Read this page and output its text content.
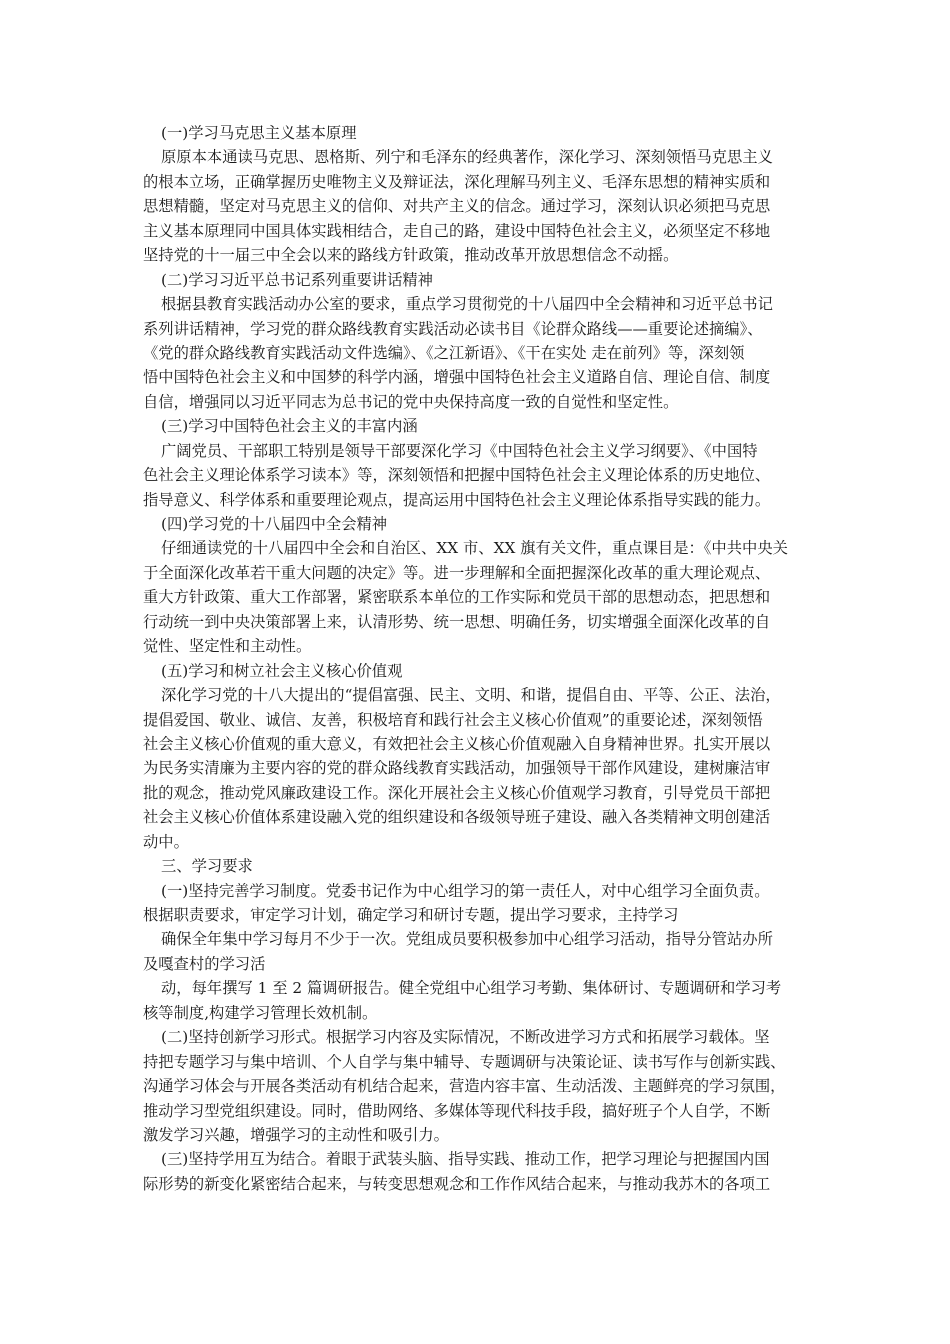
(一)学习马克思主义基本原理
原原本本通读马克思、恩格斯、列宁和毛泽东的经典著作，深化学习、深刻领悟马克思主义
的根本立场，正确掌握历史唯物主义及辩证法，深化理解马列主义、毛泽东思想的精神实质和
思想精髓，坚定对马克思主义的信仰、对共产主义的信念。通过学习，深刻认识必须把马克思
主义基本原理同中国具体实践相结合，走自己的路，建设中国特色社会主义，必须坚定不移地
坚持党的十一届三中全会以来的路线方针政策，推动改革开放思想信念不动摇。
(二)学习习近平总书记系列重要讲话精神
根据县教育实践活动办公室的要求，重点学习贯彻党的十八届四中全会精神和习近平总书记
系列讲话精神，学习党的群众路线教育实践活动必读书目《论群众路线——重要论述摘编》、
《党的群众路线教育实践活动文件选编》、《之江新语》、《干在实处 走在前列》等，深刻领
悟中国特色社会主义和中国梦的科学内涵，增强中国特色社会主义道路自信、理论自信、制度
自信，增强同以习近平同志为总书记的党中央保持高度一致的自觉性和坚定性。
(三)学习中国特色社会主义的丰富内涵
广阔党员、干部职工特别是领导干部要深化学习《中国特色社会主义学习纲要》、《中国特
色社会主义理论体系学习读本》等，深刻领悟和把握中国特色社会主义理论体系的历史地位、
指导意义、科学体系和重要理论观点，提高运用中国特色社会主义理论体系指导实践的能力。
(四)学习党的十八届四中全会精神
仔细通读党的十八届四中全会和自治区、XX 市、XX 旗有关文件，重点课目是：《中共中央关
于全面深化改革若干重大问题的决定》等。进一步理解和全面把握深化改革的重大理论观点、
重大方针政策、重大工作部署，紧密联系本单位的工作实际和党员干部的思想动态，把思想和
行动统一到中央决策部署上来，认清形势、统一思想、明确任务，切实增强全面深化改革的自
觉性、坚定性和主动性。
(五)学习和树立社会主义核心价值观
深化学习党的十八大提出的“提倡富强、民主、文明、和谐，提倡自由、平等、公正、法治，
提倡爱国、敬业、诚信、友善，积极培育和践行社会主义核心价值观”的重要论述，深刻领悟
社会主义核心价值观的重大意义，有效把社会主义核心价值观融入自身精神世界。扎实开展以
为民务实清廉为主要内容的党的群众路线教育实践活动，加强领导干部作风建设，建树廉洁审
批的观念，推动党风廉政建设工作。深化开展社会主义核心价值观学习教育，引导党员干部把
社会主义核心价值体系建设融入党的组织建设和各级领导班子建设、融入各类精神文明创建活
动中。
三、学习要求
(一)坚持完善学习制度。党委书记作为中心组学习的第一责任人，对中心组学习全面负责。
根据职责要求，审定学习计划，确定学习和研讨专题，提出学习要求，主持学习
确保全年集中学习每月不少于一次。党组成员要积极参加中心组学习活动，指导分管站办所
及嘎查村的学习活
动，每年撰写 1 至 2 篇调研报告。健全党组中心组学习考勤、集体研讨、专题调研和学习考
核等制度,构建学习管理长效机制。
(二)坚持创新学习形式。根据学习内容及实际情况，不断改进学习方式和拓展学习载体。坚
持把专题学习与集中培训、个人自学与集中辅导、专题调研与决策论证、读书写作与创新实践、
沟通学习体会与开展各类活动有机结合起来，营造内容丰富、生动活泼、主题鲜亮的学习氛围，
推动学习型党组织建设。同时，借助网络、多媒体等现代科技手段，搞好班子个人自学，不断
激发学习兴趣，增强学习的主动性和吸引力。
(三)坚持学用互为结合。着眼于武装头脑、指导实践、推动工作，把学习理论与把握国内国
际形势的新变化紧密结合起来，与转变思想观念和工作作风结合起来，与推动我苏木的各项工
